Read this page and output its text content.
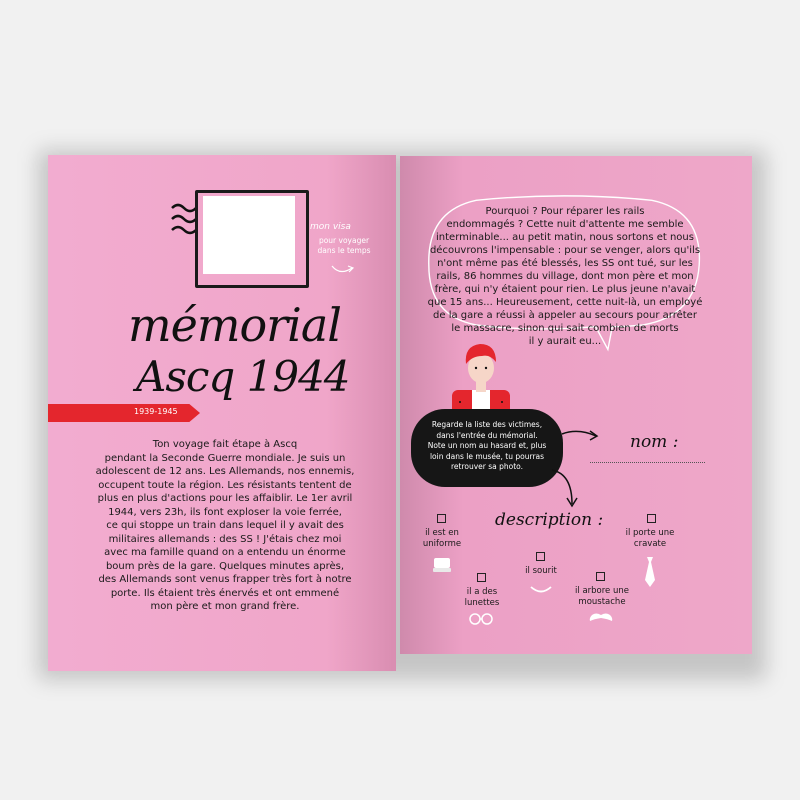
mon visa
pour voyager dans le temps
mémorial
Ascq 1944
1939-1945
Ton voyage fait étape à Ascq
pendant la Seconde Guerre mondiale. Je suis un
adolescent de 12 ans. Les Allemands, nos ennemis,
occupent toute la région. Les résistants tentent de
plus en plus d'actions pour les affaiblir. Le 1er avril
1944, vers 23h, ils font exploser la voie ferrée,
ce qui stoppe un train dans lequel il y avait des
militaires allemands : des SS ! J'étais chez moi
avec ma famille quand on a entendu un énorme
boum près de la gare. Quelques minutes après,
des Allemands sont venus frapper très fort à notre
porte. Ils étaient très énervés et ont emmené
mon père et mon grand frère.
Pourquoi ? Pour réparer les rails
endommagés ? Cette nuit d'attente me semble
interminable... au petit matin, nous sortons et nous
découvrons l'impensable : pour se venger, alors qu'ils
n'ont même pas été blessés, les SS ont tué, sur les
rails, 86 hommes du village, dont mon père et mon
frère, qui n'y étaient pour rien. Le plus jeune n'avait
que 15 ans... Heureusement, cette nuit-là, un employé
de la gare a réussi à appeler au secours pour arrêter
le massacre, sinon qui sait combien de morts
il y aurait eu...
Regarde la liste des victimes,
dans l'entrée du mémorial.
Note un nom au hasard et, plus
loin dans le musée, tu pourras
retrouver sa photo.
nom :
description :
il est en uniforme
il a des lunettes
il sourit
il arbore une moustache
il porte une cravate
